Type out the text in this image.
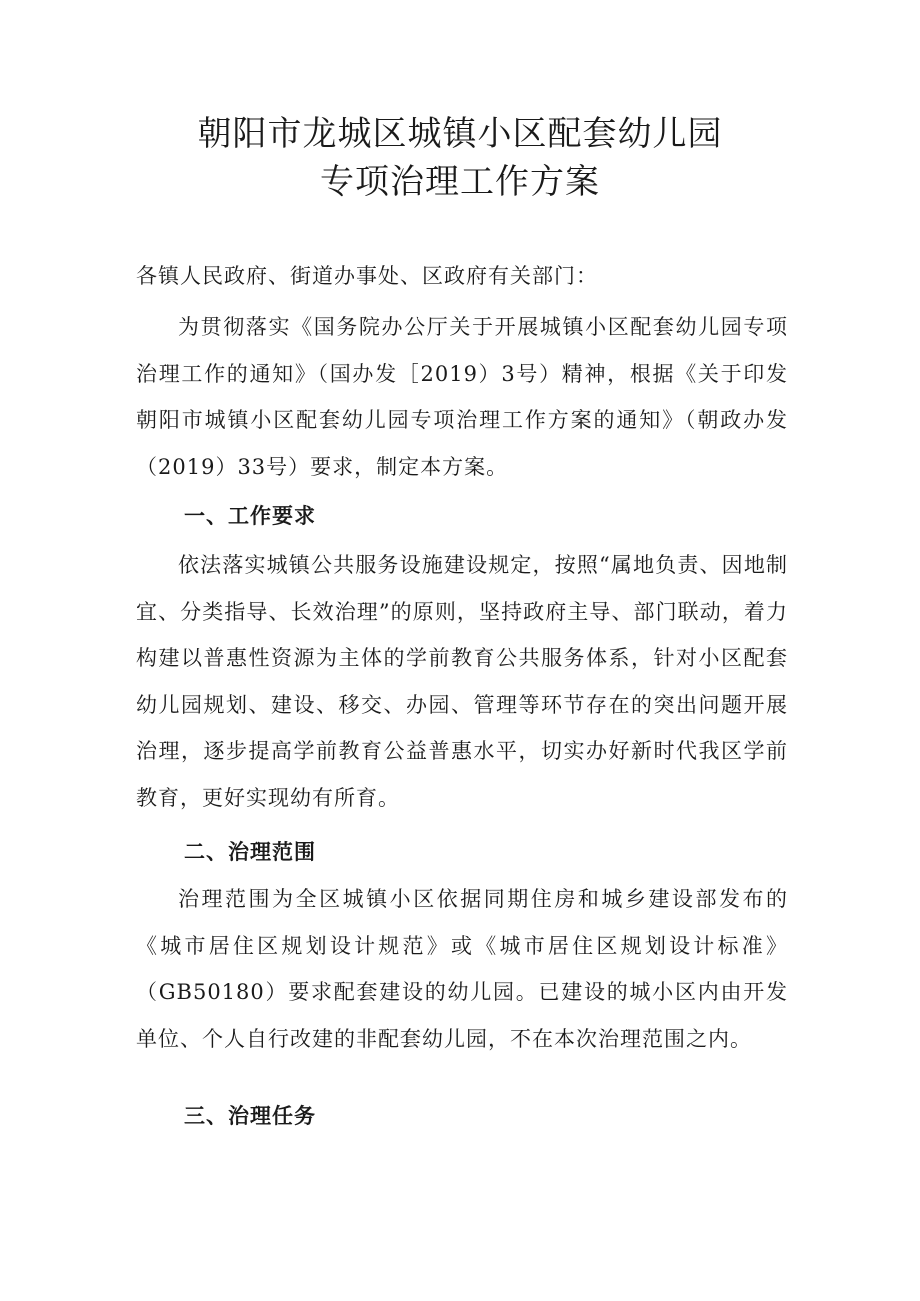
朝阳市龙城区城镇小区配套幼儿园
专项治理工作方案

各镇人民政府、街道办事处、区政府有关部门：

为贯彻落实《国务院办公厅关于开展城镇小区配套幼儿园专项治理工作的通知》（国办发［2019）3号）精神，根据《关于印发朝阳市城镇小区配套幼儿园专项治理工作方案的通知》（朝政办发（2019）33号）要求，制定本方案。

一、工作要求

依法落实城镇公共服务设施建设规定，按照“属地负责、因地制宜、分类指导、长效治理”的原则，坚持政府主导、部门联动，着力构建以普惠性资源为主体的学前教育公共服务体系，针对小区配套幼儿园规划、建设、移交、办园、管理等环节存在的突出问题开展治理，逐步提高学前教育公益普惠水平，切实办好新时代我区学前教育，更好实现幼有所育。

二、治理范围

治理范围为全区城镇小区依据同期住房和城乡建设部发布的《城市居住区规划设计规范》或《城市居住区规划设计标准》（GB50180）要求配套建设的幼儿园。已建设的城小区内由开发单位、个人自行改建的非配套幼儿园，不在本次治理范围之内。

三、治理任务
